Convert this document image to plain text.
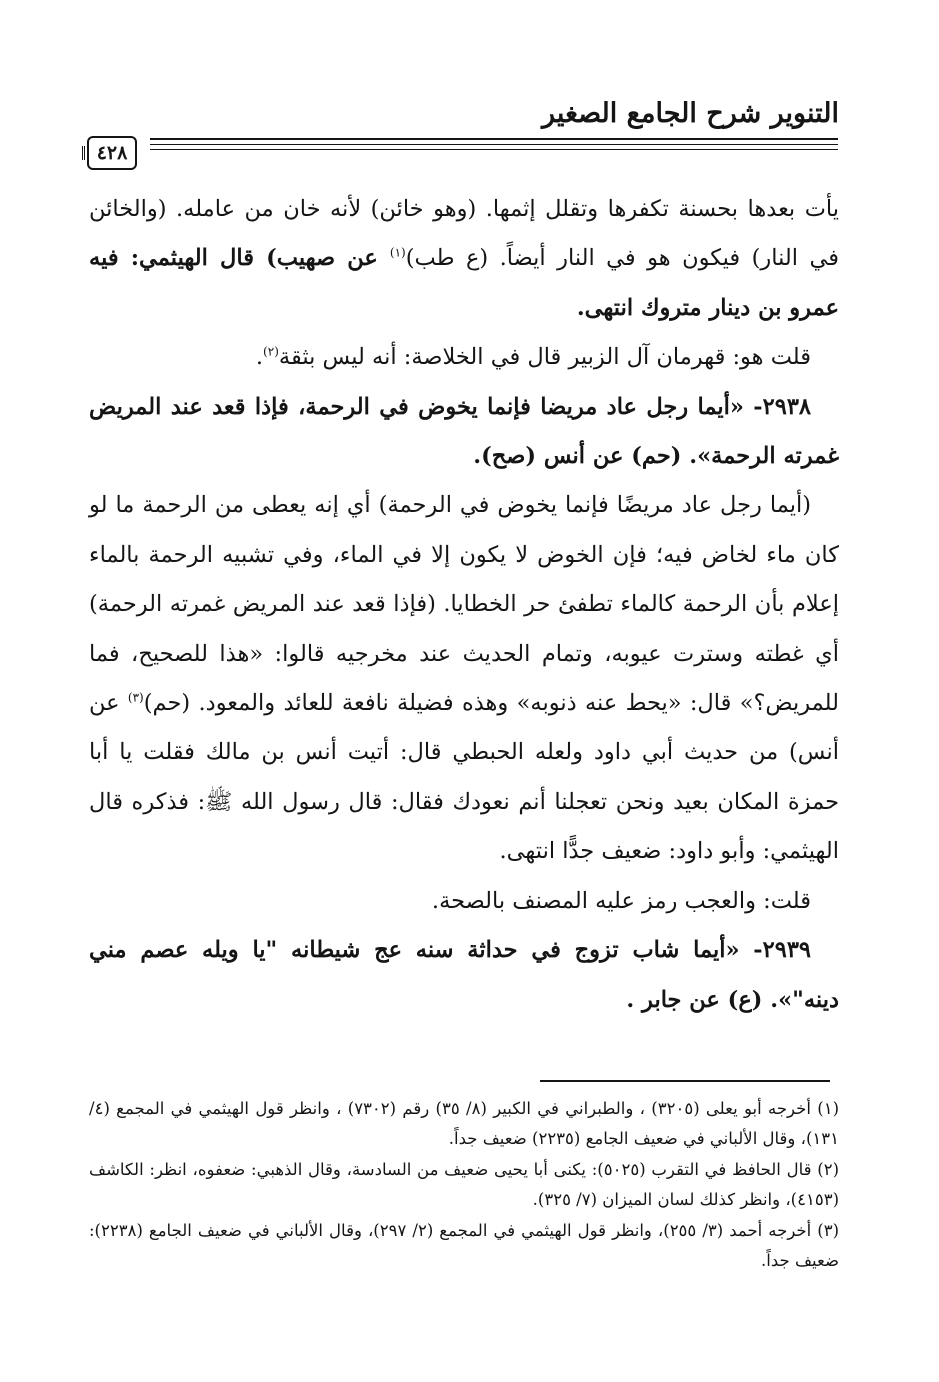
التنوير شرح الجامع الصغير
٤٢٨

يأت بعدها بحسنة تكفرها وتقلل إثمها. (وهو خائن) لأنه خان من عامله. (والخائن في النار) فيكون هو في النار أيضاً. (ع طب)$^{(١)}$ عن صهيب) قال الهيثمي: فيه عمرو بن دينار متروك انتهى.

قلت هو: قهرمان آل الزبير قال في الخلاصة: أنه ليس بثقة$^{(٢)}$.

٢٩٣٨- «أيما رجل عاد مريضا فإنما يخوض في الرحمة، فإذا قعد عند المريض غمرته الرحمة». (حم) عن أنس (صح).

(أيما رجل عاد مريضًا فإنما يخوض في الرحمة) أي إنه يعطى من الرحمة ما لو كان ماء لخاض فيه؛ فإن الخوض لا يكون إلا في الماء، وفي تشبيه الرحمة بالماء إعلام بأن الرحمة كالماء تطفئ حر الخطايا. (فإذا قعد عند المريض غمرته الرحمة) أي غطته وسترت عيوبه، وتمام الحديث عند مخرجيه قالوا: «هذا للصحيح، فما للمريض؟» قال: «يحط عنه ذنوبه» وهذه فضيلة نافعة للعائد والمعود. (حم)$^{(٣)}$ عن أنس) من حديث أبي داود ولعله الحبطي قال: أتيت أنس بن مالك فقلت يا أبا حمزة المكان بعيد ونحن تعجلنا أنم نعودك فقال: قال رسول الله ﷺ: فذكره قال الهيثمي: وأبو داود: ضعيف جدًّا انتهى.

قلت: والعجب رمز عليه المصنف بالصحة.

٢٩٣٩- «أيما شاب تزوج في حداثة سنه عج شيطانه "يا ويله عصم مني دينه"». (ع) عن جابر .

(١) أخرجه أبو يعلى (٣٢٠٥) ، والطبراني في الكبير (٨/ ٣٥) رقم (٧٣٠٢) ، وانظر قول الهيثمي في المجمع (٤/ ١٣١)، وقال الألباني في ضعيف الجامع (٢٢٣٥) ضعيف جداً.

(٢) قال الحافظ في التقرب (٥٠٢٥): يكنى أبا يحيى ضعيف من السادسة، وقال الذهبي: ضعفوه، انظر: الكاشف (٤١٥٣)، وانظر كذلك لسان الميزان (٧/ ٣٢٥).

(٣) أخرجه أحمد (٣/ ٢٥٥)، وانظر قول الهيثمي في المجمع (٢/ ٢٩٧)، وقال الألباني في ضعيف الجامع (٢٢٣٨): ضعيف جداً.
